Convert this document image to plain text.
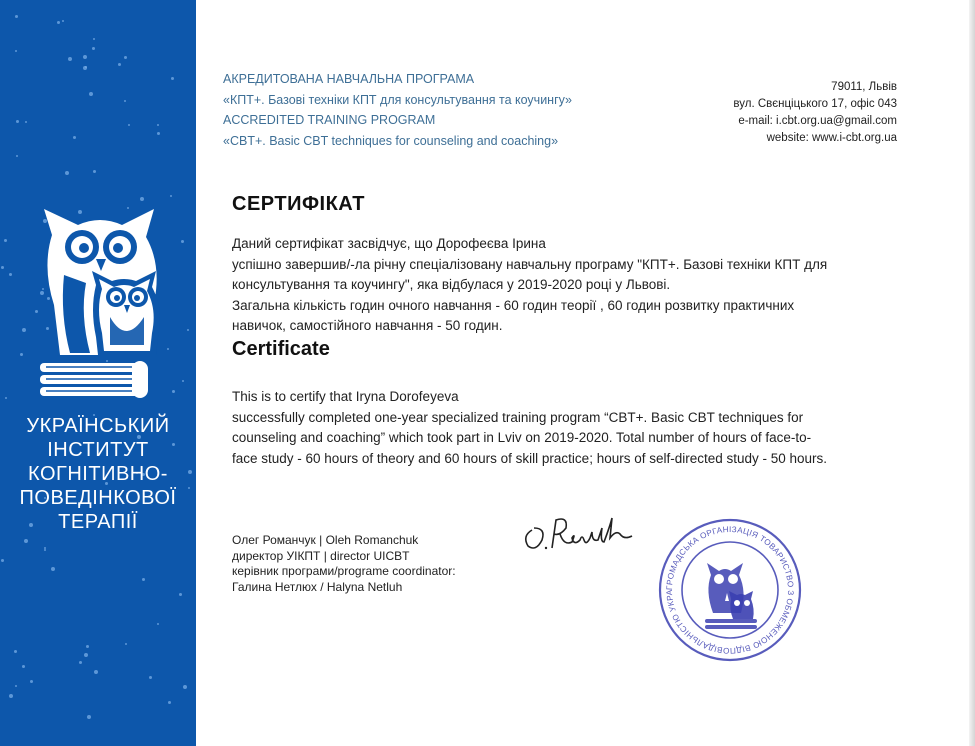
УКРАЇНСЬКИЙ
ІНСТИТУТ
КОГНІТИВНО-
ПОВЕДІНКОВОЇ
ТЕРАПІЇ
АКРЕДИТОВАНА НАВЧАЛЬНА ПРОГРАМА
«КПТ+. Базові техніки КПТ для консультування та коучингу»
ACCREDITED TRAINING PROGRAM
«CBT+. Basic CBT techniques for counseling and coaching»
79011, Львів
вул. Свєнціцького 17, офіс 043
e-mail: i.cbt.org.ua@gmail.com
website: www.i-cbt.org.ua
СЕРТИФІКАТ
Даний сертифікат засвідчує, що Дорофеєва Ірина
успішно завершив/-ла річну спеціалізовану навчальну програму "КПТ+. Базові техніки КПТ для
консультування та коучингу", яка відбулася у 2019-2020 році у Львові.
Загальна кількість годин очного навчання - 60 годин теорії , 60 годин розвитку практичних
навичок, самостійного навчання - 50 годин.
Certificate
This is to certify that Iryna Dorofeyeva
successfully completed one-year specialized training program “CBT+. Basic CBT techniques for
counseling and coaching” which took part in Lviv on 2019-2020. Total number of hours of face-to-
face study - 60 hours of theory and 60 hours of skill practice; hours of self-directed study - 50 hours.
Олег Романчук | Oleh Romanchuk
директор УІКПТ | director UICBT
керівник програми/programe coordinator:
Галина Нетлюх / Halyna Netluh	ГРОМАДСЬКА ОРГАНІЗАЦІЯ ТОВАРИСТВО З ОБМЕЖЕНОЮ ВІДПОВІДАЛЬНІСТЮ УКРА
